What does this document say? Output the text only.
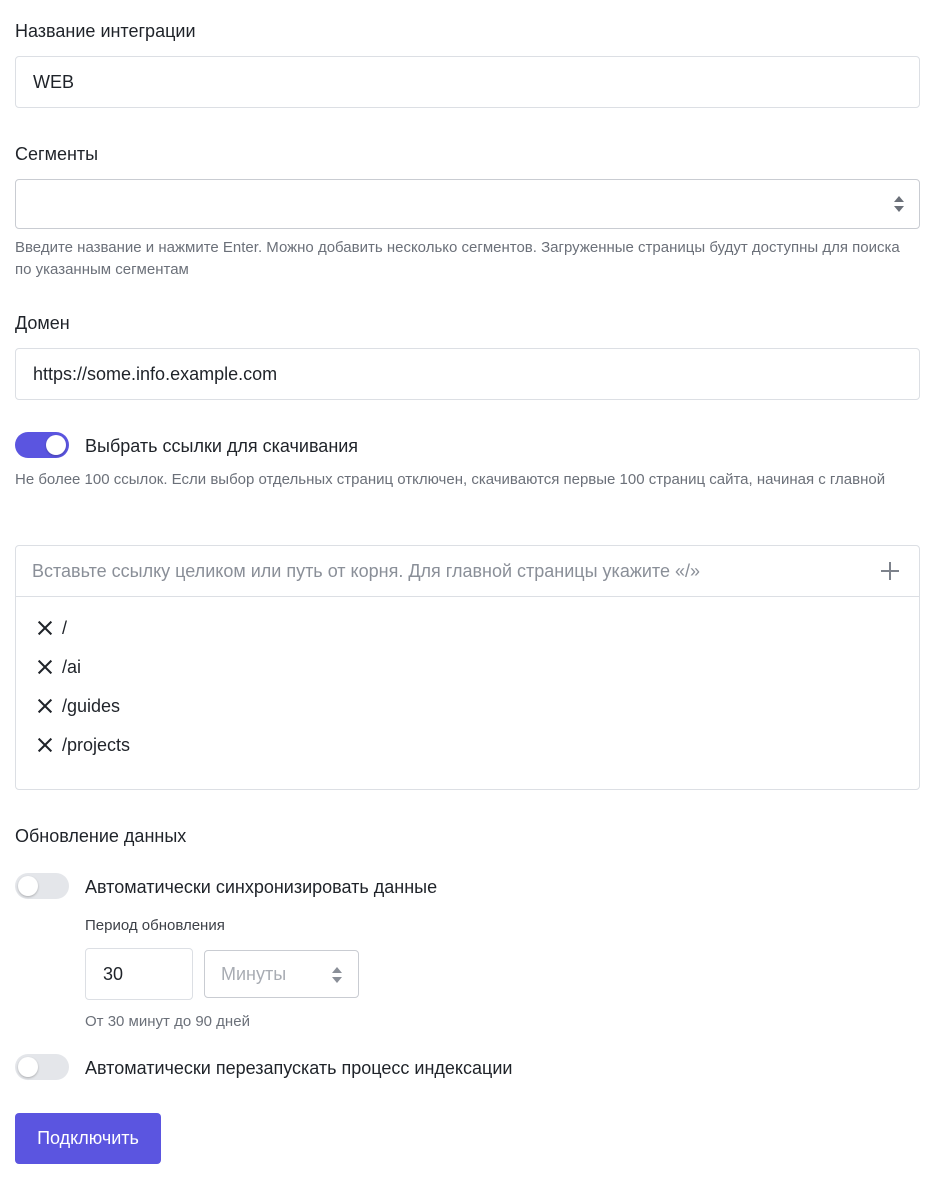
Название интеграции
WEB
Сегменты
Введите название и нажмите Enter. Можно добавить несколько сегментов. Загруженные страницы будут доступны для поиска по указанным сегментам
Домен
https://some.info.example.com
Выбрать ссылки для скачивания
Не более 100 ссылок. Если выбор отдельных страниц отключен, скачиваются первые 100 страниц сайта, начиная с главной
Вставьте ссылку целиком или путь от корня. Для главной страницы укажите «/»
/
/ai
/guides
/projects
Обновление данных
Автоматически синхронизировать данные
Период обновления
30
Минуты
От 30 минут до 90 дней
Автоматически перезапускать процесс индексации
Подключить
